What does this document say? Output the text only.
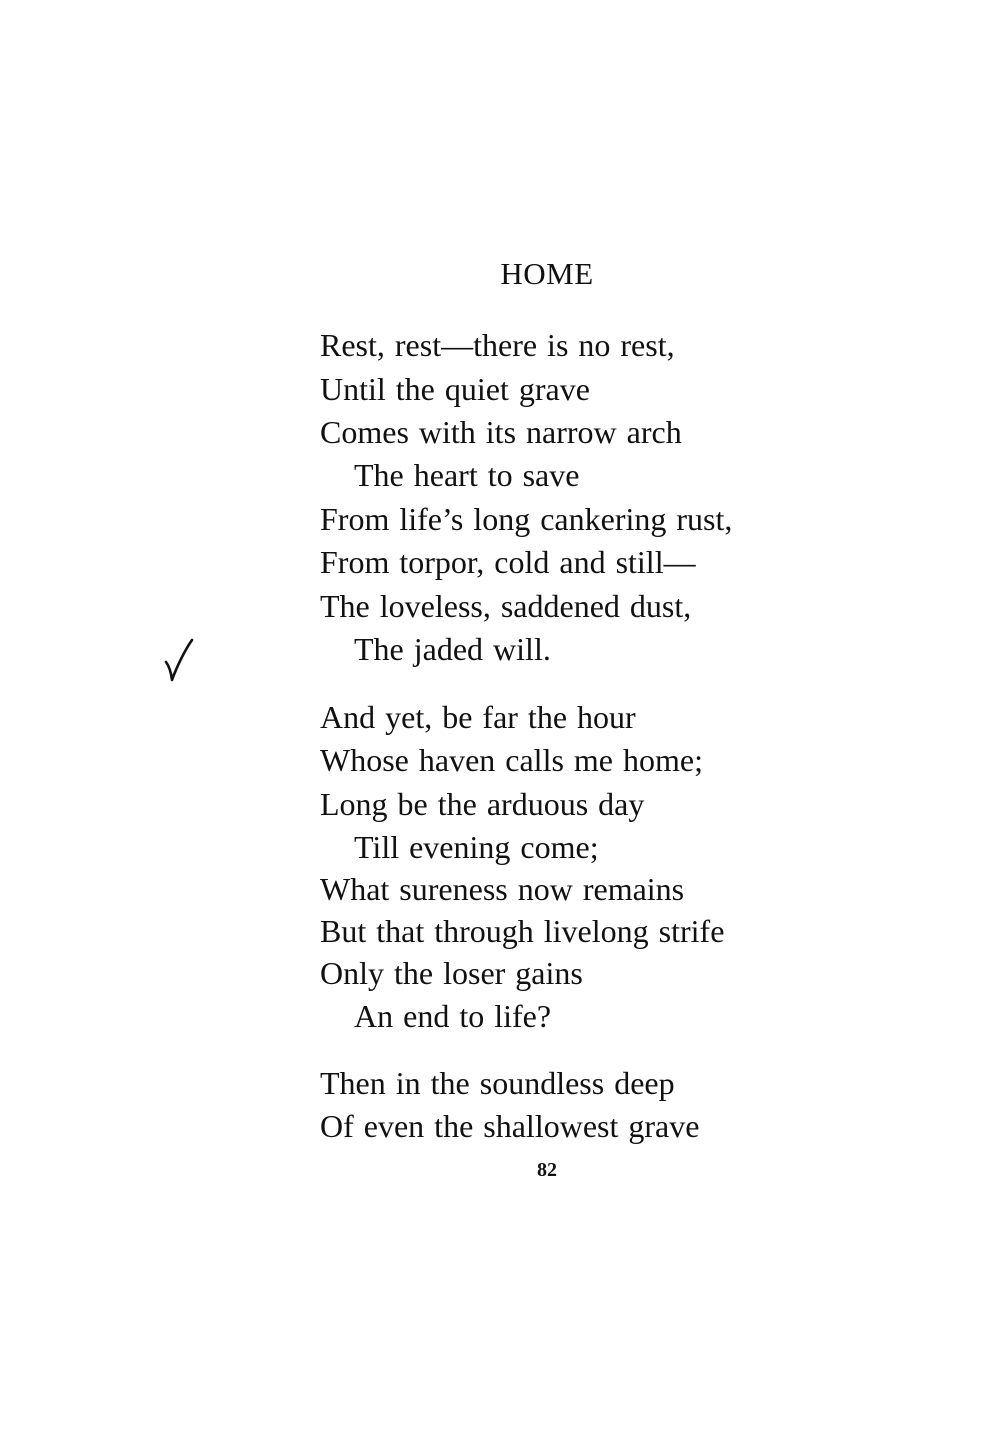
HOME
Rest, rest—there is no rest,
Until the quiet grave
Comes with its narrow arch
The heart to save
From life’s long cankering rust,
From torpor, cold and still—
The loveless, saddened dust,
The jaded will.
And yet, be far the hour
Whose haven calls me home;
Long be the arduous day
Till evening come;
What sureness now remains
But that through livelong strife
Only the loser gains
An end to life?
Then in the soundless deep
Of even the shallowest grave
82
